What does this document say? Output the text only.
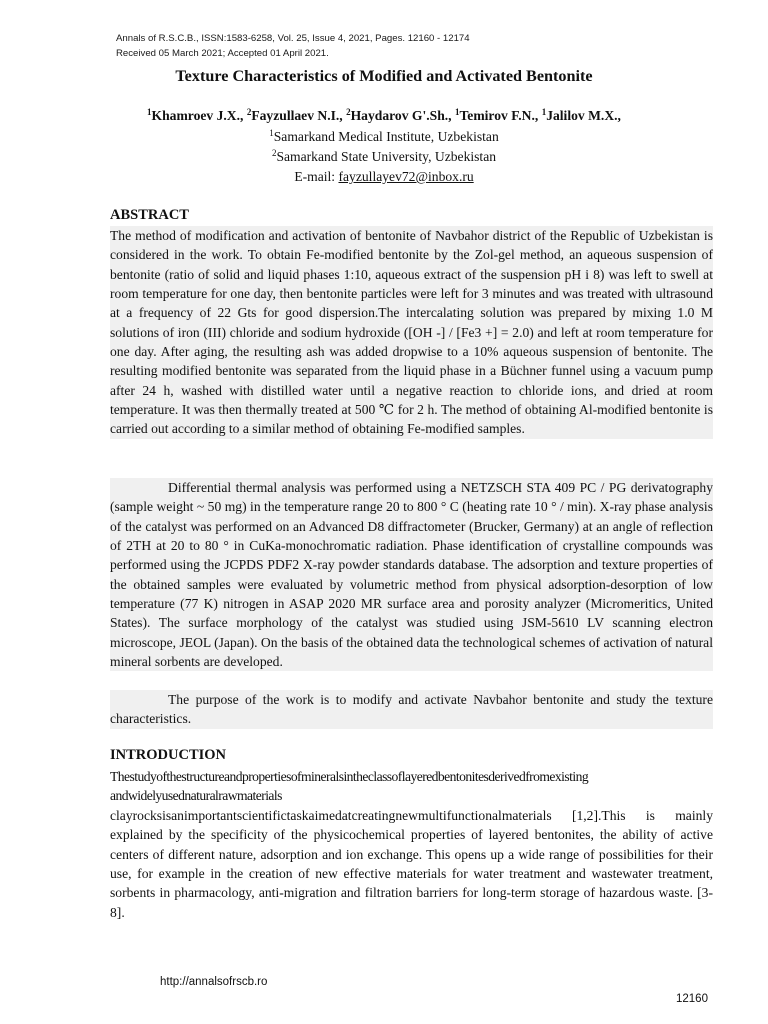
Annals of R.S.C.B., ISSN:1583-6258, Vol. 25, Issue 4, 2021, Pages. 12160 - 12174
Received 05 March 2021; Accepted 01 April 2021.
Texture Characteristics of Modified and Activated Bentonite
$^1$Khamroev J.X., $^2$Fayzullaev N.I., $^2$Haydarov G'.Sh., $^1$Temirov F.N., $^1$Jalilov M.X.,
$^1$Samarkand Medical Institute, Uzbekistan
$^2$Samarkand State University, Uzbekistan
E-mail: fayzullayev72@inbox.ru
ABSTRACT

The method of modification and activation of bentonite of Navbahor district of the Republic of Uzbekistan is considered in the work. To obtain Fe-modified bentonite by the Zol-gel method, an aqueous suspension of bentonite (ratio of solid and liquid phases 1:10, aqueous extract of the suspension pH i 8) was left to swell at room temperature for one day, then bentonite particles were left for 3 minutes and was treated with ultrasound at a frequency of 22 Gts for good dispersion.The intercalating solution was prepared by mixing 1.0 M solutions of iron (III) chloride and sodium hydroxide ([OH -] / [Fe3 +] = 2.0) and left at room temperature for one day. After aging, the resulting ash was added dropwise to a 10% aqueous suspension of bentonite. The resulting modified bentonite was separated from the liquid phase in a Büchner funnel using a vacuum pump after 24 h, washed with distilled water until a negative reaction to chloride ions, and dried at room temperature. It was then thermally treated at 500 ℃ for 2 h. The method of obtaining Al-modified bentonite is carried out according to a similar method of obtaining Fe-modified samples.

Differential thermal analysis was performed using a NETZSCH STA 409 PC / PG derivatography (sample weight ~ 50 mg) in the temperature range 20 to 800 ° C (heating rate 10 ° / min). X-ray phase analysis of the catalyst was performed on an Advanced D8 diffractometer (Brucker, Germany) at an angle of reflection of 2TH at 20 to 80 ° in CuKa-monochromatic radiation. Phase identification of crystalline compounds was performed using the JCPDS PDF2 X-ray powder standards database. The adsorption and texture properties of the obtained samples were evaluated by volumetric method from physical adsorption-desorption of low temperature (77 K) nitrogen in ASAP 2020 MR surface area and porosity analyzer (Micromeritics, United States). The surface morphology of the catalyst was studied using JSM-5610 LV scanning electron microscope, JEOL (Japan). On the basis of the obtained data the technological schemes of activation of natural mineral sorbents are developed.

The purpose of the work is to modify and activate Navbahor bentonite and study the texture characteristics.

INTRODUCTION

Thestudyofthestructureandpropertiesofmineralsintheclassoflayeredbentonitesderivedfromexisting

andwidelyusednaturalrawmaterials

clayrocksisanimportantscientifictaskaimedatcreatingnewmultifunctionalmaterials [1,2].This is mainly explained by the specificity of the physicochemical properties of layered bentonites, the ability of active centers of different nature, adsorption and ion exchange. This opens up a wide range of possibilities for their use, for example in the creation of new effective materials for water treatment and wastewater treatment, sorbents in pharmacology, anti-migration and filtration barriers for long-term storage of hazardous waste. [3-8].

http://annalsofrscb.ro
12160
